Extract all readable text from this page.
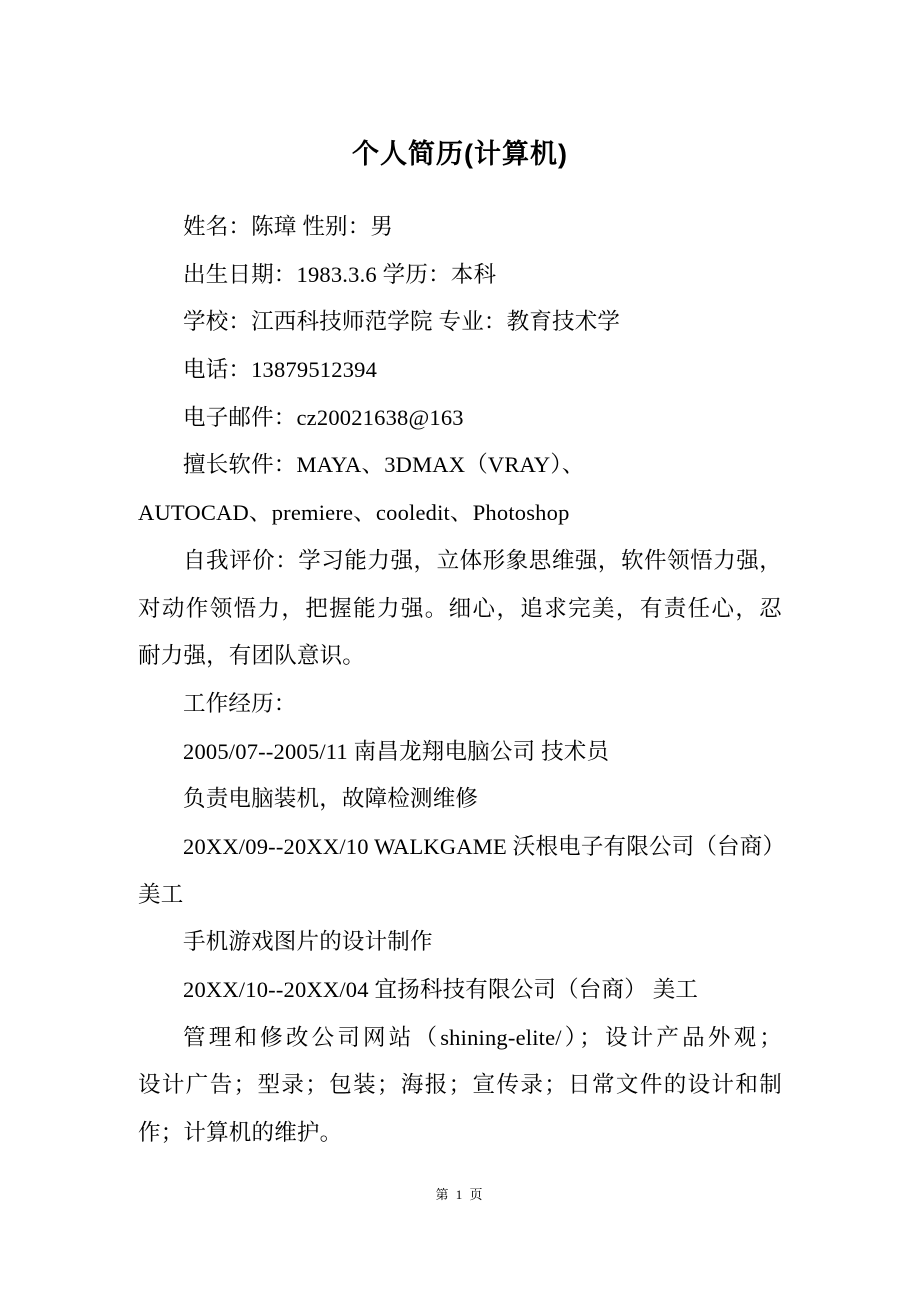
个人简历(计算机)
姓名：陈璋 性别：男
出生日期：1983.3.6 学历：本科
学校：江西科技师范学院 专业：教育技术学
电话：13879512394
电子邮件：cz20021638@163
擅长软件：MAYA、3DMAX（VRAY）、
AUTOCAD、premiere、cooledit、Photoshop
自我评价：学习能力强，立体形象思维强，软件领悟力强，
对动作领悟力，把握能力强。细心，追求完美，有责任心，忍
耐力强，有团队意识。
工作经历：
2005/07--2005/11 南昌龙翔电脑公司 技术员
负责电脑装机，故障检测维修
20XX/09--20XX/10 WALKGAME 沃根电子有限公司（台商）
美工
手机游戏图片的设计制作
20XX/10--20XX/04 宜扬科技有限公司（台商） 美工
管理和修改公司网站（shining-elite/）；设计产品外观；
设计广告；型录；包装；海报；宣传录；日常文件的设计和制
作；计算机的维护。
第 1 页
